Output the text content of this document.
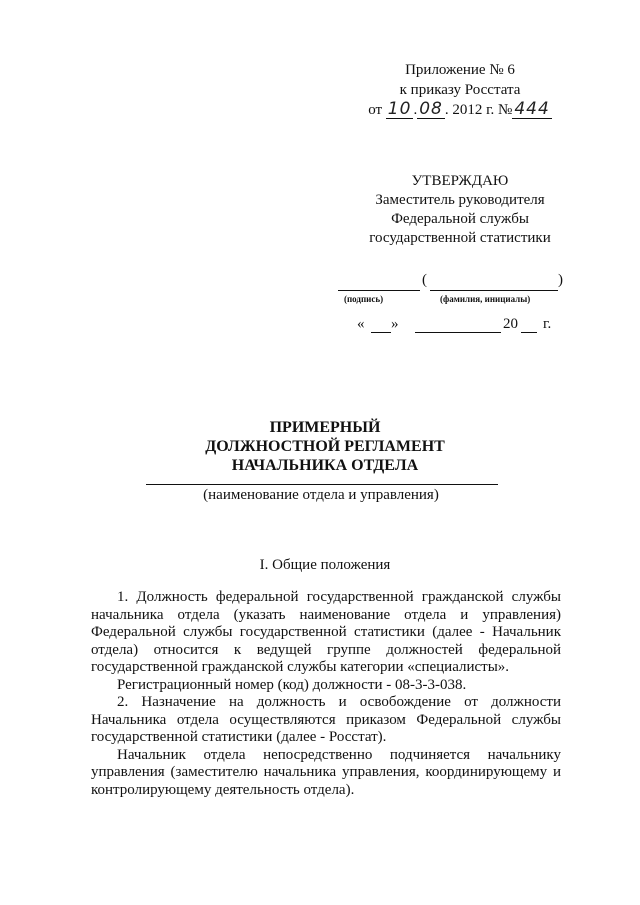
Приложение № 6
к приказу Росстата
от 10 . 08 . 2012 г. № 444
УТВЕРЖДАЮ
Заместитель руководителя
Федеральной службы
государственной статистики
(	)
(подпись)	(фамилия, инициалы)
« »	20 г.
ПРИМЕРНЫЙ
ДОЛЖНОСТНОЙ РЕГЛАМЕНТ
НАЧАЛЬНИКА ОТДЕЛА
(наименование отдела и управления)
I. Общие положения

1. Должность федеральной государственной гражданской службы начальника отдела (указать наименование отдела и управления) Федеральной службы государственной статистики (далее - Начальник отдела) относится к ведущей группе должностей федеральной государственной гражданской службы категории «специалисты».

Регистрационный номер (код) должности - 08-3-3-038.

2. Назначение на должность и освобождение от должности Начальника отдела осуществляются приказом Федеральной службы государственной статистики (далее - Росстат).

Начальник отдела непосредственно подчиняется начальнику управления (заместителю начальника управления, координирующему и контролирующему деятельность отдела).
